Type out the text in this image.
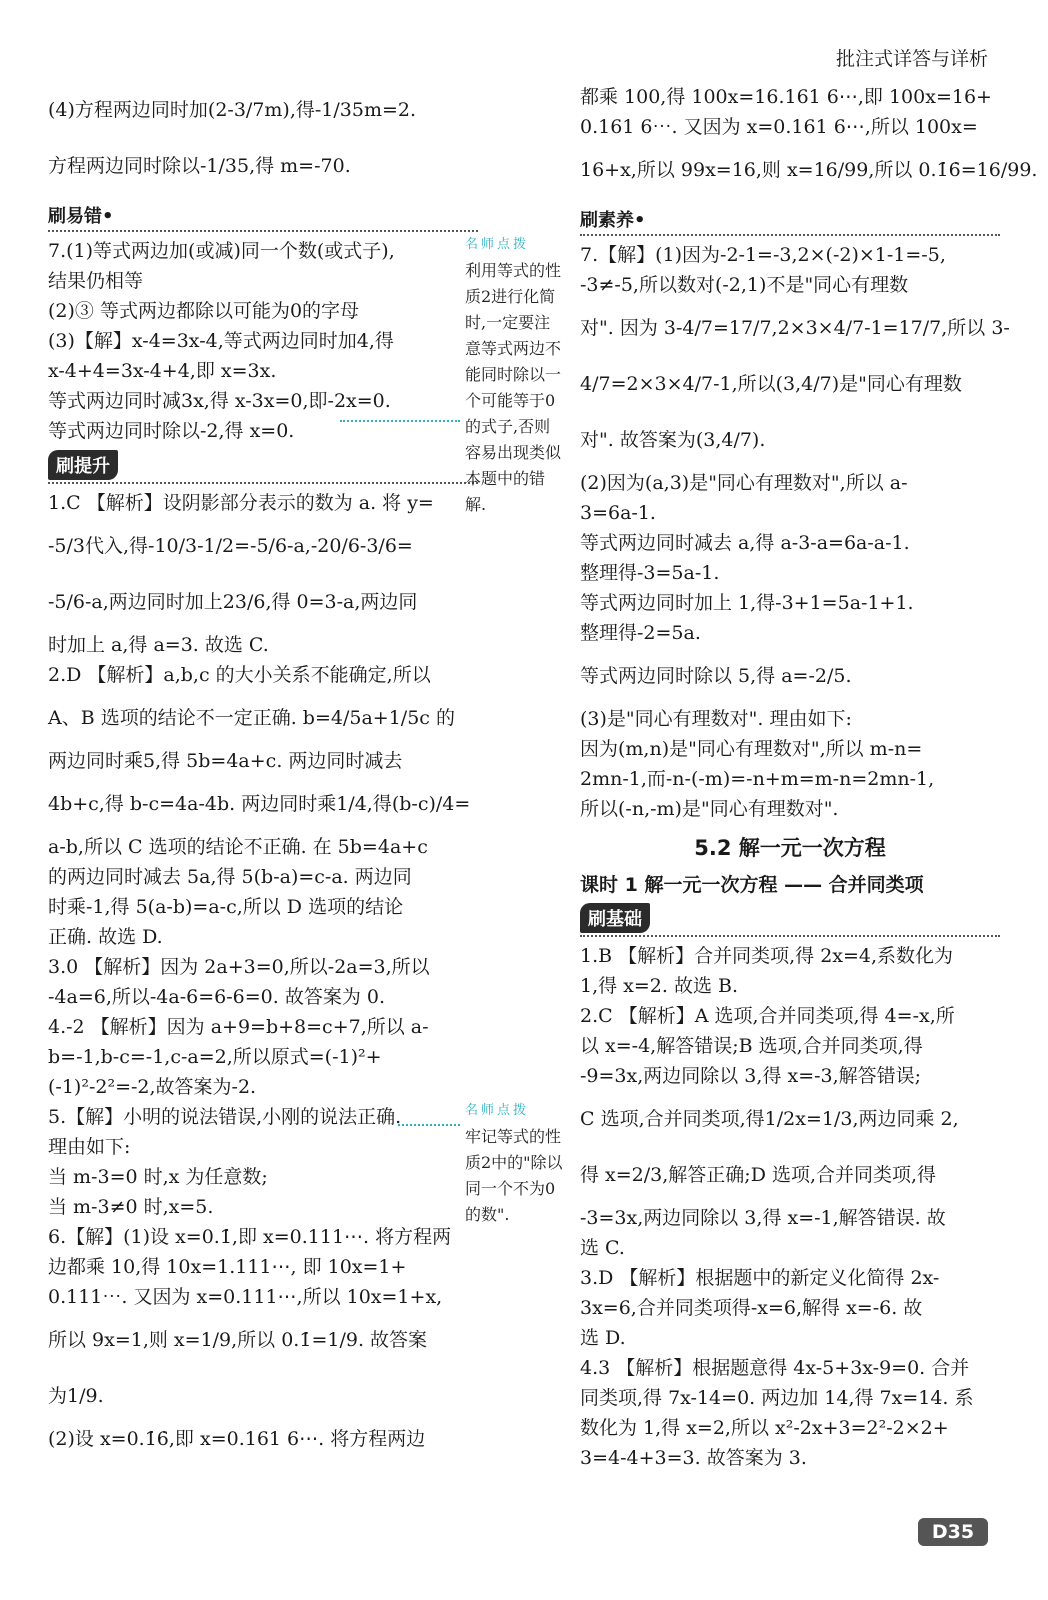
批注式详答与详析
(4)方程两边同时加(2-3/7m),得-1/35m=2.
方程两边同时除以-1/35,得 m=-70.
刷易错•
7.(1)等式两边加(或减)同一个数(或式子),
结果仍相等
(2)③ 等式两边都除以可能为0的字母
(3)【解】x-4=3x-4,等式两边同时加4,得
x-4+4=3x-4+4,即 x=3x.
等式两边同时减3x,得 x-3x=0,即-2x=0.
等式两边同时除以-2,得 x=0.
刷提升
1.C 【解析】设阴影部分表示的数为 a. 将 y=
-5/3代入,得-10/3-1/2=-5/6-a,-20/6-3/6=
-5/6-a,两边同时加上23/6,得 0=3-a,两边同
时加上 a,得 a=3. 故选 C.
2.D 【解析】a,b,c 的大小关系不能确定,所以
A、B 选项的结论不一定正确. b=4/5a+1/5c 的
两边同时乘5,得 5b=4a+c. 两边同时减去
4b+c,得 b-c=4a-4b. 两边同时乘1/4,得(b-c)/4=
a-b,所以 C 选项的结论不正确. 在 5b=4a+c
的两边同时减去 5a,得 5(b-a)=c-a. 两边同
时乘-1,得 5(a-b)=a-c,所以 D 选项的结论
正确. 故选 D.
3.0 【解析】因为 2a+3=0,所以-2a=3,所以
-4a=6,所以-4a-6=6-6=0. 故答案为 0.
4.-2 【解析】因为 a+9=b+8=c+7,所以 a-
b=-1,b-c=-1,c-a=2,所以原式=(-1)²+
(-1)²-2²=-2,故答案为-2.
5.【解】小明的说法错误,小刚的说法正确.
理由如下:
当 m-3=0 时,x 为任意数;
当 m-3≠0 时,x=5.
6.【解】(1)设 x=0.1̇,即 x=0.111⋯. 将方程两
边都乘 10,得 10x=1.111⋯, 即 10x=1+
0.111⋯. 又因为 x=0.111⋯,所以 10x=1+x,
所以 9x=1,则 x=1/9,所以 0.1̇=1/9. 故答案
为1/9.
(2)设 x=0.1̇6̇,即 x=0.161 6⋯. 将方程两边
名师点拨
利用等式的性质2进行化简时,一定要注意等式两边不能同时除以一个可能等于0的式子,否则容易出现类似本题中的错解.
名师点拨
牢记等式的性质2中的"除以同一个不为0的数".
都乘 100,得 100x=16.161 6⋯,即 100x=16+
0.161 6⋯. 又因为 x=0.161 6⋯,所以 100x=
16+x,所以 99x=16,则 x=16/99,所以 0.1̇6̇=16/99.
刷素养•
7.【解】(1)因为-2-1=-3,2×(-2)×1-1=-5,
-3≠-5,所以数对(-2,1)不是"同心有理数
对". 因为 3-4/7=17/7,2×3×4/7-1=17/7,所以 3-
4/7=2×3×4/7-1,所以(3,4/7)是"同心有理数
对". 故答案为(3,4/7).
(2)因为(a,3)是"同心有理数对",所以 a-
3=6a-1.
等式两边同时减去 a,得 a-3-a=6a-a-1.
整理得-3=5a-1.
等式两边同时加上 1,得-3+1=5a-1+1.
整理得-2=5a.
等式两边同时除以 5,得 a=-2/5.
(3)是"同心有理数对". 理由如下:
因为(m,n)是"同心有理数对",所以 m-n=
2mn-1,而-n-(-m)=-n+m=m-n=2mn-1,
所以(-n,-m)是"同心有理数对".
5.2 解一元一次方程
课时 1 解一元一次方程 —— 合并同类项
刷基础
1.B 【解析】合并同类项,得 2x=4,系数化为
1,得 x=2. 故选 B.
2.C 【解析】A 选项,合并同类项,得 4=-x,所
以 x=-4,解答错误;B 选项,合并同类项,得
-9=3x,两边同除以 3,得 x=-3,解答错误;
C 选项,合并同类项,得1/2x=1/3,两边同乘 2,
得 x=2/3,解答正确;D 选项,合并同类项,得
-3=3x,两边同除以 3,得 x=-1,解答错误. 故
选 C.
3.D 【解析】根据题中的新定义化简得 2x-
3x=6,合并同类项得-x=6,解得 x=-6. 故
选 D.
4.3 【解析】根据题意得 4x-5+3x-9=0. 合并
同类项,得 7x-14=0. 两边加 14,得 7x=14. 系
数化为 1,得 x=2,所以 x²-2x+3=2²-2×2+
3=4-4+3=3. 故答案为 3.
D35
